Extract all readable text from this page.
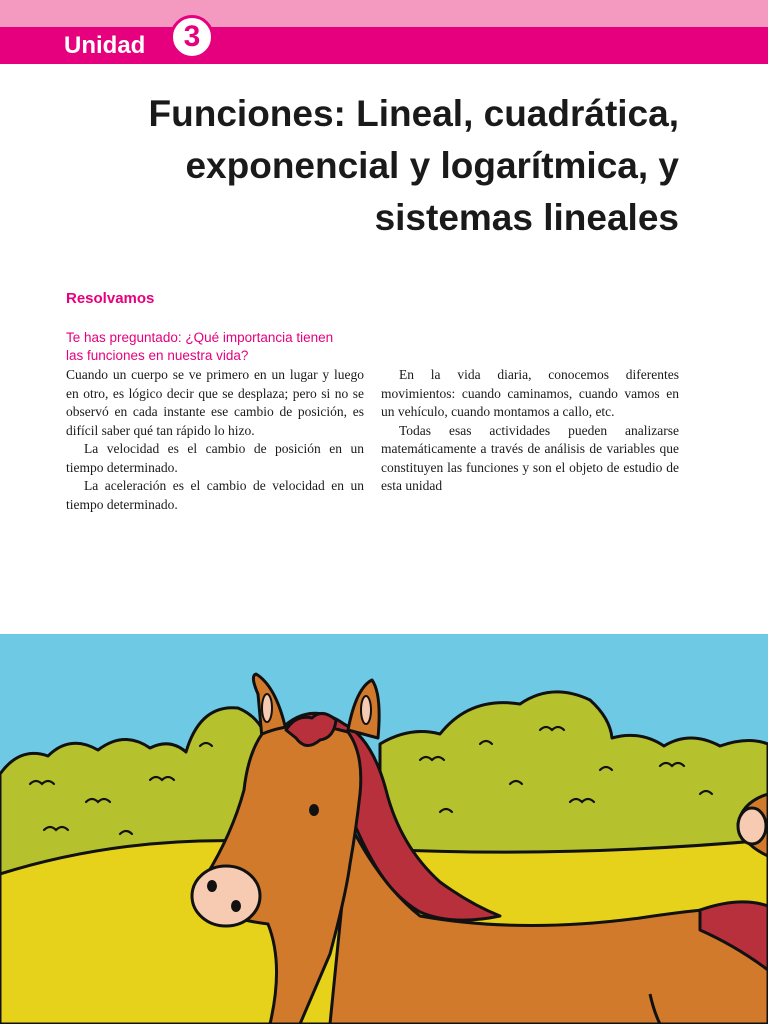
Unidad	3
Funciones: Lineal, cuadrática,
exponencial y logarítmica, y
sistemas lineales
Resolvamos
Te has preguntado: ¿Qué importancia tienen
las funciones en nuestra vida?

Cuando un cuerpo se ve primero en un lugar y luego en otro, es lógico decir que se desplaza; pero si no se observó en cada instante ese cambio de posición, es difícil saber qué tan rápido lo hizo.

La velocidad es el cambio de posición en un tiempo determinado.

La aceleración es el cambio de velocidad en un tiempo determinado.

En la vida diaria, conocemos diferentes movimientos: cuando caminamos, cuando vamos en un vehículo, cuando montamos a callo, etc.

Todas esas actividades pueden analizarse matemáticamente a través de análisis de variables que constituyen las funciones y son el objeto de estudio de esta unidad
